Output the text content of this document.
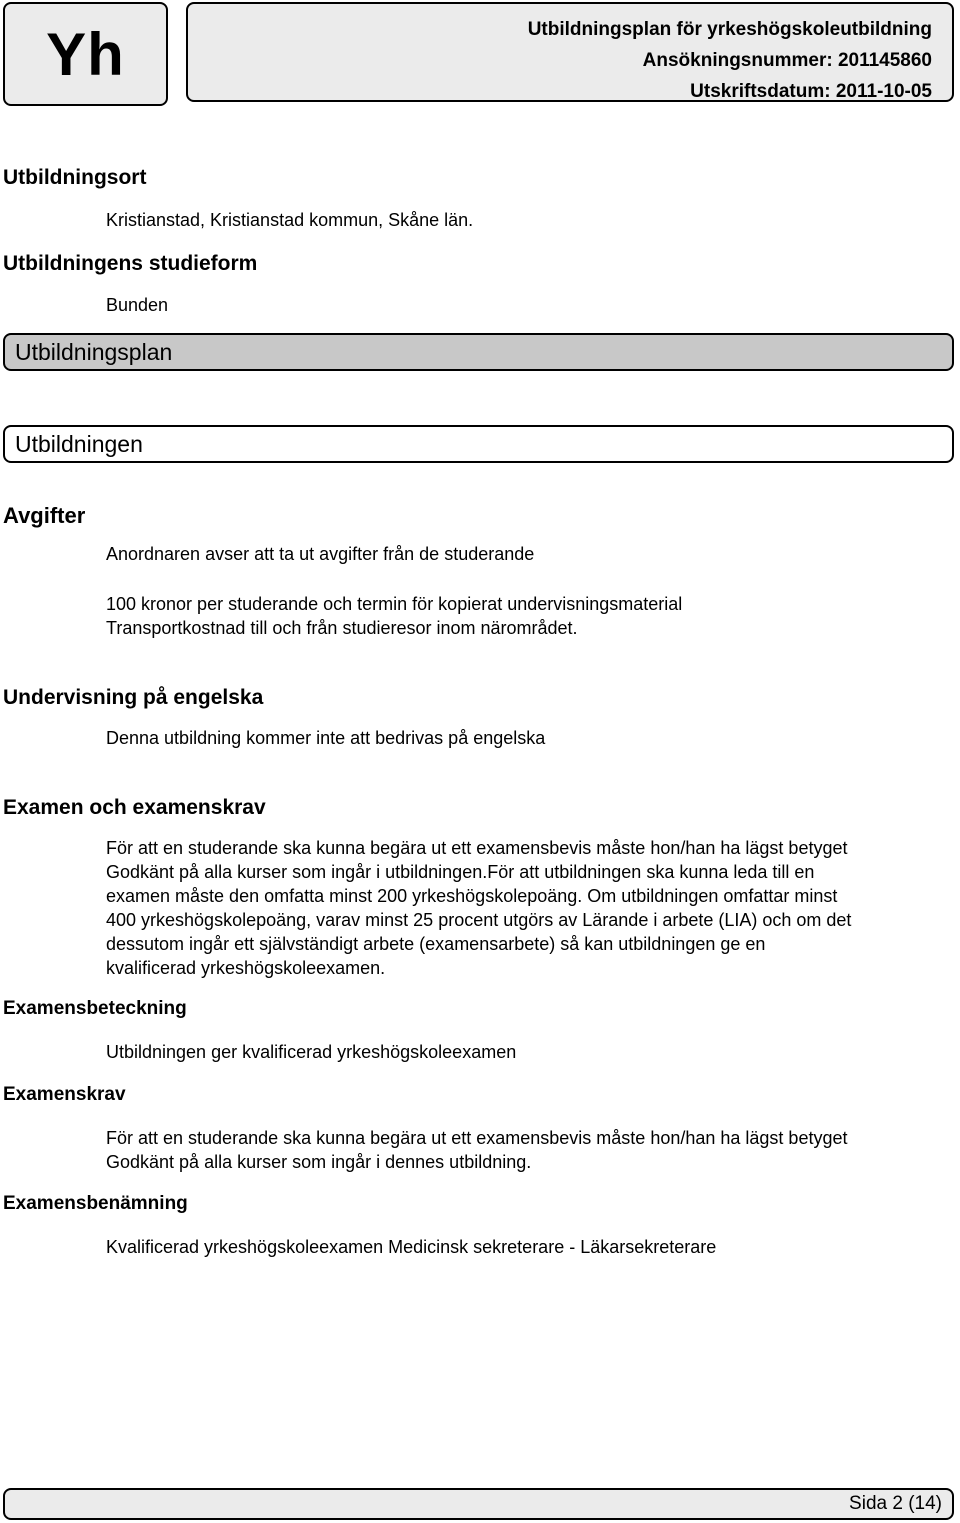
Yh	Utbildningsplan för yrkeshögskoleutbildning
Ansökningsnummer: 201145860
Utskriftsdatum: 2011-10-05
Utbildningsort
Kristianstad, Kristianstad kommun, Skåne län.
Utbildningens studieform
Bunden
Utbildningsplan
Utbildningen
Avgifter
Anordnaren avser att ta ut avgifter från de studerande
100 kronor per studerande och termin för kopierat undervisningsmaterial
Transportkostnad till och från studieresor inom närområdet.
Undervisning på engelska
Denna utbildning kommer inte att bedrivas på engelska
Examen och examenskrav
För att en studerande ska kunna begära ut ett examensbevis måste hon/han ha lägst betyget
Godkänt på alla kurser som ingår i utbildningen.För att utbildningen ska kunna leda till en
examen måste den omfatta minst 200 yrkeshögskolepoäng. Om utbildningen omfattar minst
400 yrkeshögskolepoäng, varav minst 25 procent utgörs av Lärande i arbete (LIA) och om det
dessutom ingår ett självständigt arbete (examensarbete) så kan utbildningen ge en
kvalificerad yrkeshögskoleexamen.
Examensbeteckning
Utbildningen ger kvalificerad yrkeshögskoleexamen
Examenskrav
För att en studerande ska kunna begära ut ett examensbevis måste hon/han ha lägst betyget
Godkänt på alla kurser som ingår i dennes utbildning.
Examensbenämning
Kvalificerad yrkeshögskoleexamen Medicinsk sekreterare - Läkarsekreterare
Sida 2 (14)
